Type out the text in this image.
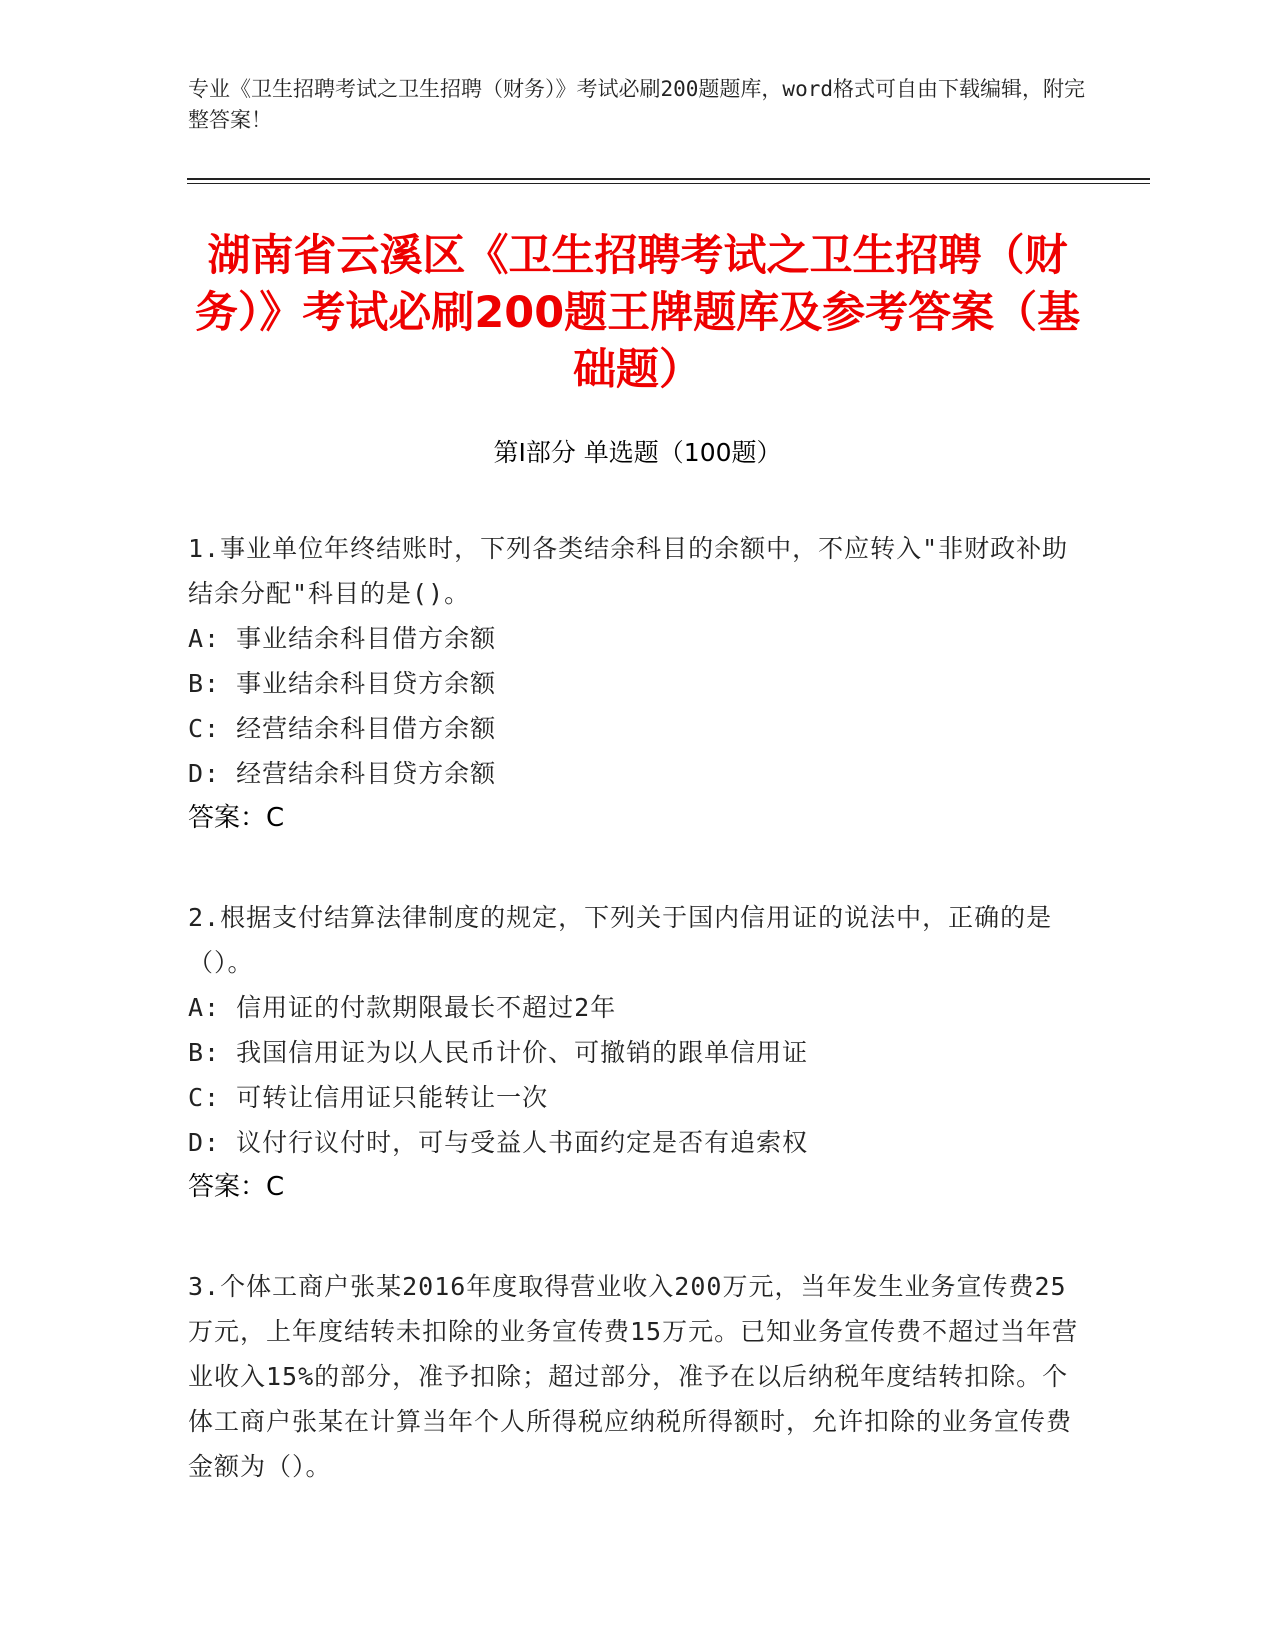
专业《卫生招聘考试之卫生招聘（财务）》考试必刷200题题库，word格式可自由下载编辑，附完整答案！
湖南省云溪区《卫生招聘考试之卫生招聘（财务）》考试必刷200题王牌题库及参考答案（基础题）
第Ⅰ部分 单选题（100题）
1.事业单位年终结账时，下列各类结余科目的余额中，不应转入"非财政补助结余分配"科目的是()。
A: 事业结余科目借方余额
B: 事业结余科目贷方余额
C: 经营结余科目借方余额
D: 经营结余科目贷方余额
答案：C
2.根据支付结算法律制度的规定，下列关于国内信用证的说法中，正确的是（）。
A: 信用证的付款期限最长不超过2年
B: 我国信用证为以人民币计价、可撤销的跟单信用证
C: 可转让信用证只能转让一次
D: 议付行议付时，可与受益人书面约定是否有追索权
答案：C
3.个体工商户张某2016年度取得营业收入200万元，当年发生业务宣传费25万元，上年度结转未扣除的业务宣传费15万元。已知业务宣传费不超过当年营业收入15%的部分，准予扣除；超过部分，准予在以后纳税年度结转扣除。个体工商户张某在计算当年个人所得税应纳税所得额时，允许扣除的业务宣传费金额为（）。
